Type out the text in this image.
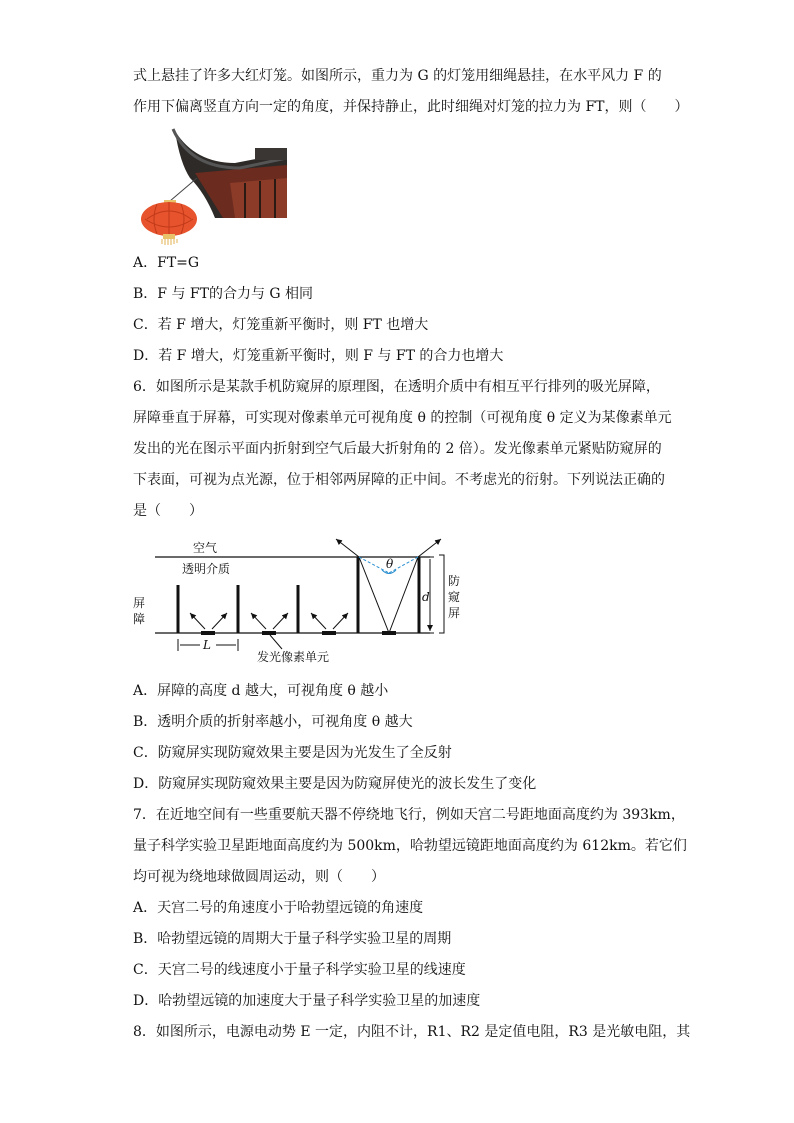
式上悬挂了许多大红灯笼。如图所示，重力为 G 的灯笼用细绳悬挂，在水平风力 F 的
作用下偏离竖直方向一定的角度，并保持静止，此时细绳对灯笼的拉力为 FT，则（　　）
A．FT=G
B．F 与 FT的合力与 G 相同
C．若 F 增大，灯笼重新平衡时，则 FT 也增大
D．若 F 增大，灯笼重新平衡时，则 F 与 FT 的合力也增大
6．如图所示是某款手机防窥屏的原理图，在透明介质中有相互平行排列的吸光屏障，
屏障垂直于屏幕，可实现对像素单元可视角度 θ 的控制（可视角度 θ 定义为某像素单元
发出的光在图示平面内折射到空气后最大折射角的 2 倍）。发光像素单元紧贴防窥屏的
下表面，可视为点光源，位于相邻两屏障的正中间。不考虑光的衍射。下列说法正确的
是（　　）
空气
透明介质
屏
障
θ
d
防
窥
屏
L
发光像素单元
A．屏障的高度 d 越大，可视角度 θ 越小
B．透明介质的折射率越小，可视角度 θ 越大
C．防窥屏实现防窥效果主要是因为光发生了全反射
D．防窥屏实现防窥效果主要是因为防窥屏使光的波长发生了变化
7．在近地空间有一些重要航天器不停绕地飞行，例如天宫二号距地面高度约为 393km，
量子科学实验卫星距地面高度约为 500km，哈勃望远镜距地面高度约为 612km。若它们
均可视为绕地球做圆周运动，则（　　）
A．天宫二号的角速度小于哈勃望远镜的角速度
B．哈勃望远镜的周期大于量子科学实验卫星的周期
C．天宫二号的线速度小于量子科学实验卫星的线速度
D．哈勃望远镜的加速度大于量子科学实验卫星的加速度
8．如图所示，电源电动势 E 一定，内阻不计，R1、R2 是定值电阻，R3 是光敏电阻，其
